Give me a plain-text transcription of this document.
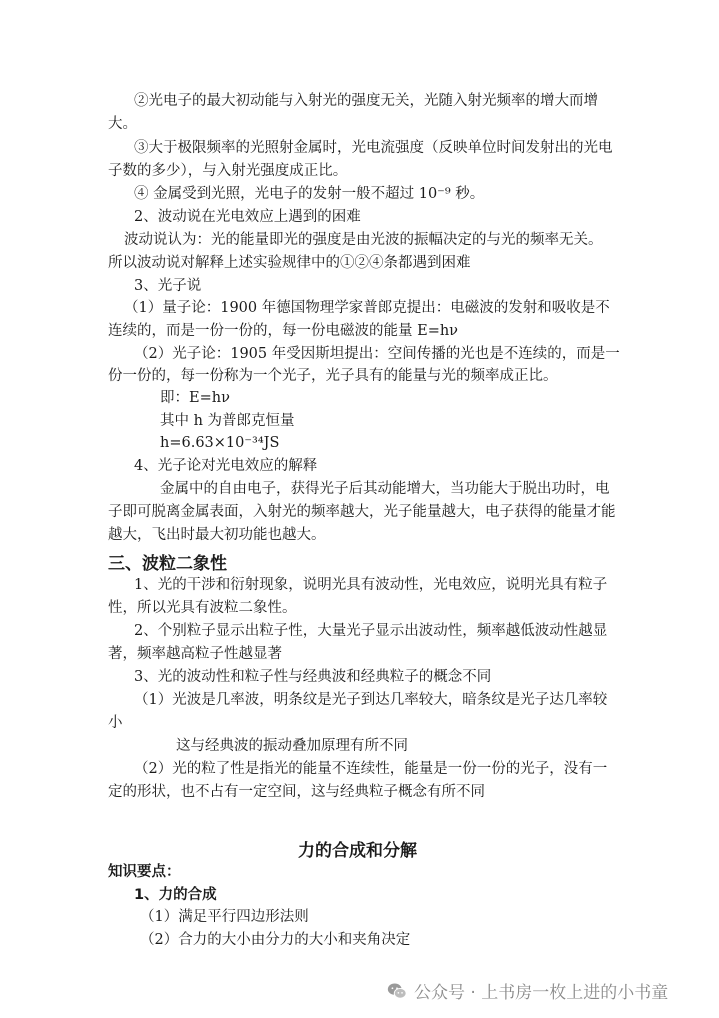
②光电子的最大初动能与入射光的强度无关，光随入射光频率的增大而增
大。
③大于极限频率的光照射金属时，光电流强度（反映单位时间发射出的光电
子数的多少），与入射光强度成正比。
④ 金属受到光照，光电子的发射一般不超过 10⁻⁹ 秒。
2、波动说在光电效应上遇到的困难
波动说认为：光的能量即光的强度是由光波的振幅决定的与光的频率无关。
所以波动说对解释上述实验规律中的①②④条都遇到困难
3、光子说
（1）量子论：1900 年德国物理学家普郎克提出：电磁波的发射和吸收是不
连续的，而是一份一份的，每一份电磁波的能量 E=hν
（2）光子论：1905 年受因斯坦提出：空间传播的光也是不连续的，而是一
份一份的，每一份称为一个光子，光子具有的能量与光的频率成正比。
即：E=hν
其中 h 为普郎克恒量
h=6.63×10⁻³⁴JS
4、光子论对光电效应的解释
金属中的自由电子，获得光子后其动能增大，当功能大于脱出功时，电
子即可脱离金属表面，入射光的频率越大，光子能量越大，电子获得的能量才能
越大，飞出时最大初功能也越大。
三、波粒二象性
1、光的干涉和衍射现象，说明光具有波动性，光电效应，说明光具有粒子
性，所以光具有波粒二象性。
2、个别粒子显示出粒子性，大量光子显示出波动性，频率越低波动性越显
著，频率越高粒子性越显著
3、光的波动性和粒子性与经典波和经典粒子的概念不同
（1）光波是几率波，明条纹是光子到达几率较大，暗条纹是光子达几率较
小
这与经典波的振动叠加原理有所不同
（2）光的粒了性是指光的能量不连续性，能量是一份一份的光子，没有一
定的形状，也不占有一定空间，这与经典粒子概念有所不同
力的合成和分解
知识要点：
1、力的合成
（1）满足平行四边形法则
（2）合力的大小由分力的大小和夹角决定
公众号 · 上书房一枚上进的小书童
